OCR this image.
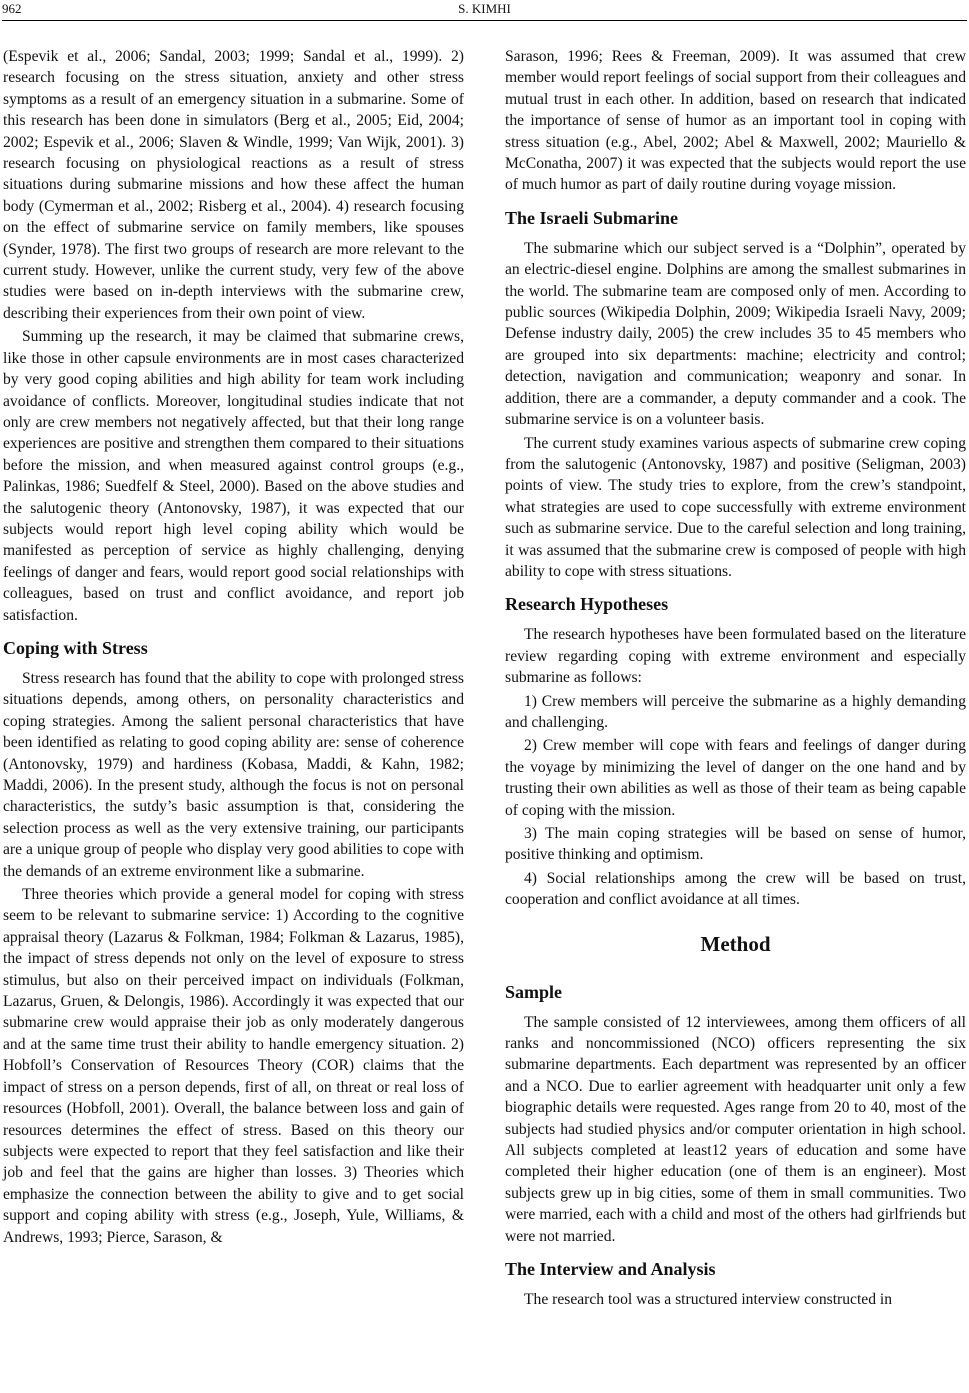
962	S. KIMHI

(Espevik et al., 2006; Sandal, 2003; 1999; Sandal et al., 1999). 2) research focusing on the stress situation, anxiety and other stress symptoms as a result of an emergency situation in a submarine. Some of this research has been done in simulators (Berg et al., 2005; Eid, 2004; 2002; Espevik et al., 2006; Slaven & Windle, 1999; Van Wijk, 2001). 3) research focusing on physiological reactions as a result of stress situations during submarine missions and how these affect the human body (Cymerman et al., 2002; Risberg et al., 2004). 4) research focusing on the effect of submarine service on family members, like spouses (Synder, 1978). The first two groups of research are more relevant to the current study. However, unlike the current study, very few of the above studies were based on in-depth interviews with the submarine crew, describing their experiences from their own point of view.

Summing up the research, it may be claimed that submarine crews, like those in other capsule environments are in most cases characterized by very good coping abilities and high ability for team work including avoidance of conflicts. Moreover, longitudinal studies indicate that not only are crew members not negatively affected, but that their long range experiences are positive and strengthen them compared to their situations before the mission, and when measured against control groups (e.g., Palinkas, 1986; Suedfelf & Steel, 2000). Based on the above studies and the salutogenic theory (Antonovsky, 1987), it was expected that our subjects would report high level coping ability which would be manifested as perception of service as highly challenging, denying feelings of danger and fears, would report good social relationships with colleagues, based on trust and conflict avoidance, and report job satisfaction.

Coping with Stress

Stress research has found that the ability to cope with prolonged stress situations depends, among others, on personality characteristics and coping strategies. Among the salient personal characteristics that have been identified as relating to good coping ability are: sense of coherence (Antonovsky, 1979) and hardiness (Kobasa, Maddi, & Kahn, 1982; Maddi, 2006). In the present study, although the focus is not on personal characteristics, the sutdy’s basic assumption is that, considering the selection process as well as the very extensive training, our participants are a unique group of people who display very good abilities to cope with the demands of an extreme environment like a submarine.

Three theories which provide a general model for coping with stress seem to be relevant to submarine service: 1) According to the cognitive appraisal theory (Lazarus & Folkman, 1984; Folkman & Lazarus, 1985), the impact of stress depends not only on the level of exposure to stress stimulus, but also on their perceived impact on individuals (Folkman, Lazarus, Gruen, & Delongis, 1986). Accordingly it was expected that our submarine crew would appraise their job as only moderately dangerous and at the same time trust their ability to handle emergency situation. 2) Hobfoll’s Conservation of Resources Theory (COR) claims that the impact of stress on a person depends, first of all, on threat or real loss of resources (Hobfoll, 2001). Overall, the balance between loss and gain of resources determines the effect of stress. Based on this theory our subjects were expected to report that they feel satisfaction and like their job and feel that the gains are higher than losses. 3) Theories which emphasize the connection between the ability to give and to get social support and coping ability with stress (e.g., Joseph, Yule, Williams, & Andrews, 1993; Pierce, Sarason, &

Sarason, 1996; Rees & Freeman, 2009). It was assumed that crew member would report feelings of social support from their colleagues and mutual trust in each other. In addition, based on research that indicated the importance of sense of humor as an important tool in coping with stress situation (e.g., Abel, 2002; Abel & Maxwell, 2002; Mauriello & McConatha, 2007) it was expected that the subjects would report the use of much humor as part of daily routine during voyage mission.

The Israeli Submarine

The submarine which our subject served is a “Dolphin”, operated by an electric-diesel engine. Dolphins are among the smallest submarines in the world. The submarine team are composed only of men. According to public sources (Wikipedia Dolphin, 2009; Wikipedia Israeli Navy, 2009; Defense industry daily, 2005) the crew includes 35 to 45 members who are grouped into six departments: machine; electricity and control; detection, navigation and communication; weaponry and sonar. In addition, there are a commander, a deputy commander and a cook. The submarine service is on a volunteer basis.

The current study examines various aspects of submarine crew coping from the salutogenic (Antonovsky, 1987) and positive (Seligman, 2003) points of view. The study tries to explore, from the crew’s standpoint, what strategies are used to cope successfully with extreme environment such as submarine service. Due to the careful selection and long training, it was assumed that the submarine crew is composed of people with high ability to cope with stress situations.

Research Hypotheses

The research hypotheses have been formulated based on the literature review regarding coping with extreme environment and especially submarine as follows:

1) Crew members will perceive the submarine as a highly demanding and challenging.

2) Crew member will cope with fears and feelings of danger during the voyage by minimizing the level of danger on the one hand and by trusting their own abilities as well as those of their team as being capable of coping with the mission.

3) The main coping strategies will be based on sense of humor, positive thinking and optimism.

4) Social relationships among the crew will be based on trust, cooperation and conflict avoidance at all times.

Method
Sample

The sample consisted of 12 interviewees, among them officers of all ranks and noncommissioned (NCO) officers representing the six submarine departments. Each department was represented by an officer and a NCO. Due to earlier agreement with headquarter unit only a few biographic details were requested. Ages range from 20 to 40, most of the subjects had studied physics and/or computer orientation in high school. All subjects completed at least12 years of education and some have completed their higher education (one of them is an engineer). Most subjects grew up in big cities, some of them in small communities. Two were married, each with a child and most of the others had girlfriends but were not married.

The Interview and Analysis

The research tool was a structured interview constructed in
